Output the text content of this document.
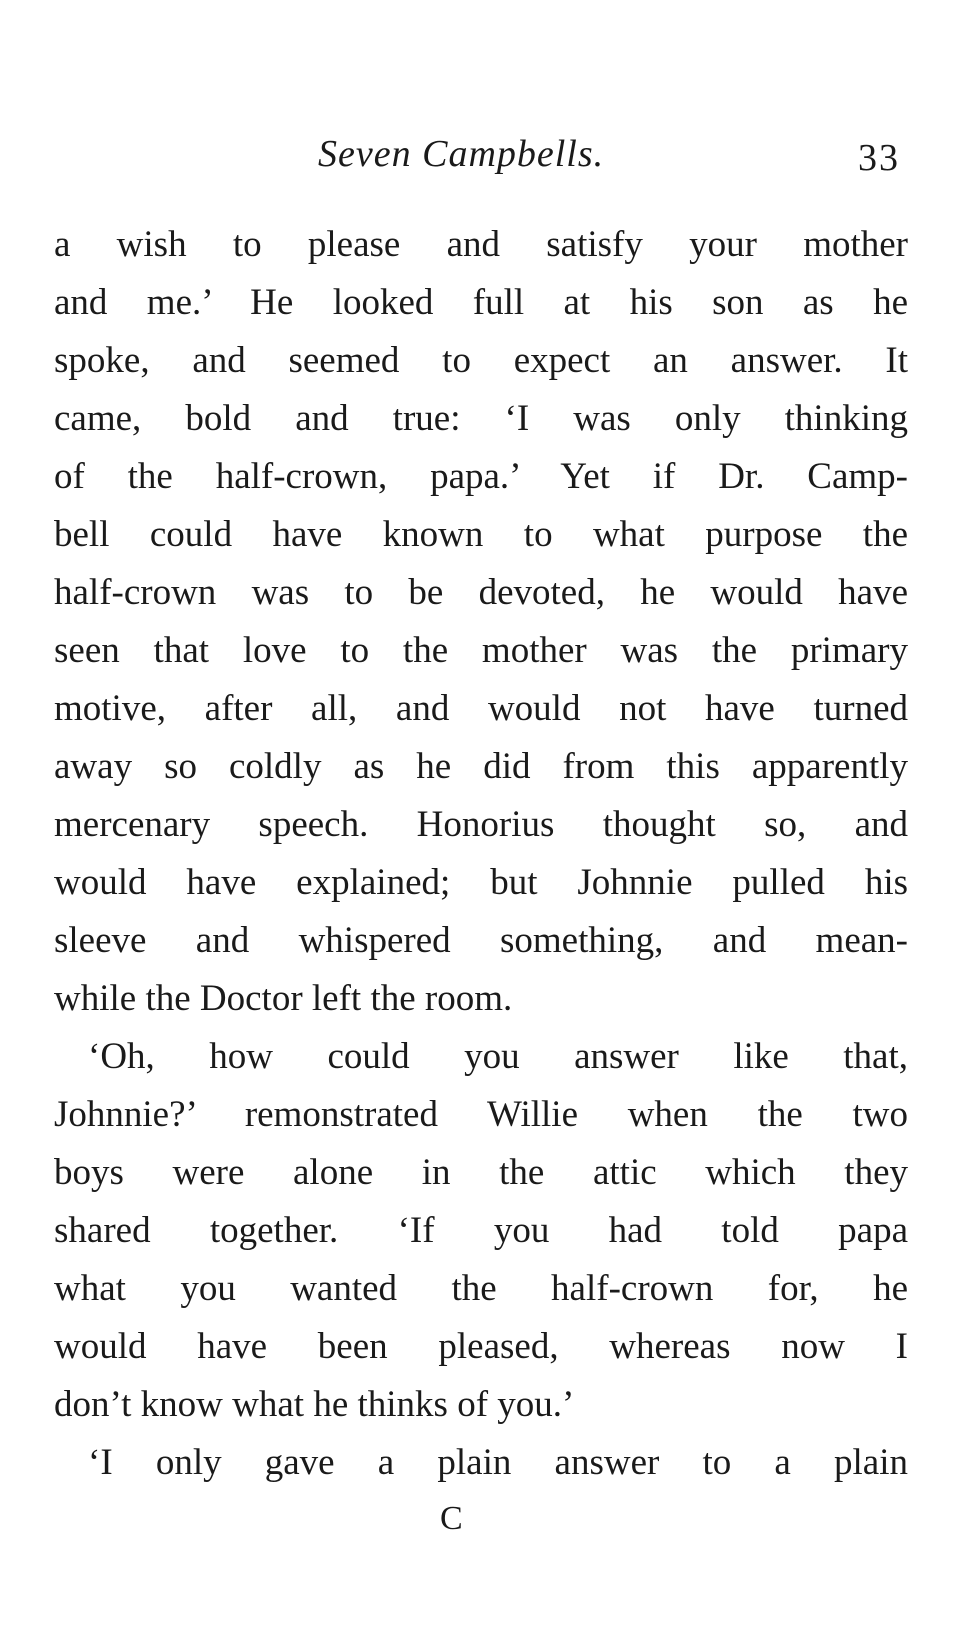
Seven Campbells.	33
a wish to please and satisfy your mother
and me.’ He looked full at his son as he
spoke, and seemed to expect an answer. It
came, bold and true: ‘I was only thinking
of the half-crown, papa.’ Yet if Dr. Camp-
bell could have known to what purpose the
half-crown was to be devoted, he would have
seen that love to the mother was the primary
motive, after all, and would not have turned
away so coldly as he did from this apparently
mercenary speech. Honorius thought so, and
would have explained; but Johnnie pulled his
sleeve and whispered something, and mean-
while the Doctor left the room.
‘Oh, how could you answer like that,
Johnnie?’ remonstrated Willie when the two
boys were alone in the attic which they
shared together. ‘If you had told papa
what you wanted the half-crown for, he
would have been pleased, whereas now I
don’t know what he thinks of you.’
‘I only gave a plain answer to a plain
C
